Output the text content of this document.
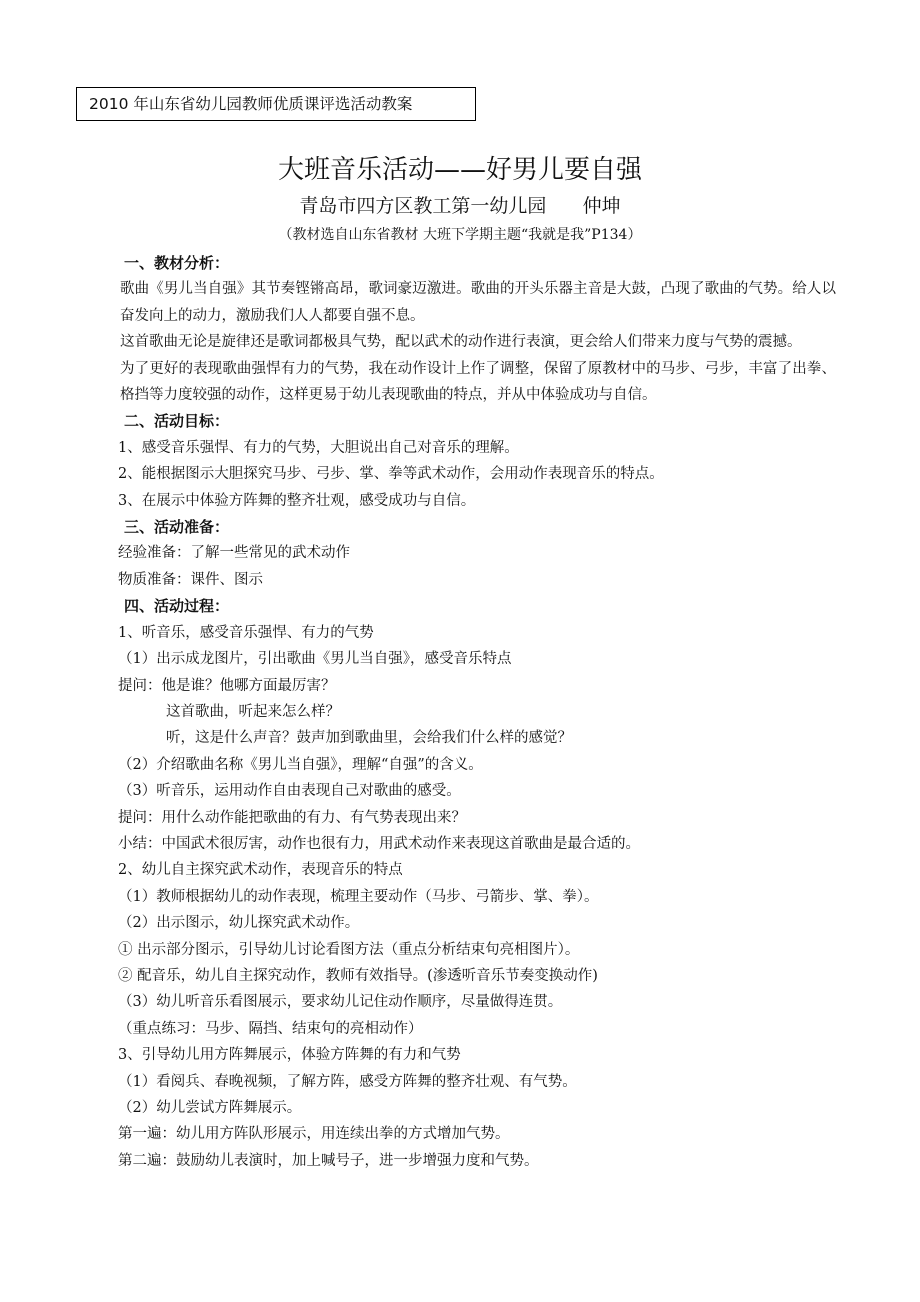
2010 年山东省幼儿园教师优质课评选活动教案
大班音乐活动——好男儿要自强
青岛市四方区教工第一幼儿园      仲坤
（教材选自山东省教材 大班下学期主题“我就是我”P134）

一、教材分析：

歌曲《男儿当自强》其节奏铿锵高昂，歌词豪迈激进。歌曲的开头乐器主音是大鼓，凸现了歌曲的气势。给人以奋发向上的动力，激励我们人人都要自强不息。

这首歌曲无论是旋律还是歌词都极具气势，配以武术的动作进行表演，更会给人们带来力度与气势的震撼。

为了更好的表现歌曲强悍有力的气势，我在动作设计上作了调整，保留了原教材中的马步、弓步，丰富了出拳、格挡等力度较强的动作，这样更易于幼儿表现歌曲的特点，并从中体验成功与自信。

二、活动目标：

1、感受音乐强悍、有力的气势，大胆说出自己对音乐的理解。

2、能根据图示大胆探究马步、弓步、掌、拳等武术动作，会用动作表现音乐的特点。

3、在展示中体验方阵舞的整齐壮观，感受成功与自信。

三、活动准备：

经验准备：了解一些常见的武术动作

物质准备：课件、图示

四、活动过程：

1、听音乐，感受音乐强悍、有力的气势

（1）出示成龙图片，引出歌曲《男儿当自强》，感受音乐特点

提问：他是谁？他哪方面最厉害？

这首歌曲，听起来怎么样？

听，这是什么声音？鼓声加到歌曲里，会给我们什么样的感觉？

（2）介绍歌曲名称《男儿当自强》，理解“自强”的含义。

（3）听音乐，运用动作自由表现自己对歌曲的感受。

提问：用什么动作能把歌曲的有力、有气势表现出来？

小结：中国武术很厉害，动作也很有力，用武术动作来表现这首歌曲是最合适的。

2、幼儿自主探究武术动作，表现音乐的特点

（1）教师根据幼儿的动作表现，梳理主要动作（马步、弓箭步、掌、拳）。

（2）出示图示，幼儿探究武术动作。

① 出示部分图示，引导幼儿讨论看图方法（重点分析结束句亮相图片）。

② 配音乐，幼儿自主探究动作，教师有效指导。(渗透听音乐节奏变换动作)

（3）幼儿听音乐看图展示，要求幼儿记住动作顺序，尽量做得连贯。

（重点练习：马步、隔挡、结束句的亮相动作）

3、引导幼儿用方阵舞展示，体验方阵舞的有力和气势

（1）看阅兵、春晚视频，了解方阵，感受方阵舞的整齐壮观、有气势。

（2）幼儿尝试方阵舞展示。

第一遍：幼儿用方阵队形展示，用连续出拳的方式增加气势。

第二遍：鼓励幼儿表演时，加上喊号子，进一步增强力度和气势。
